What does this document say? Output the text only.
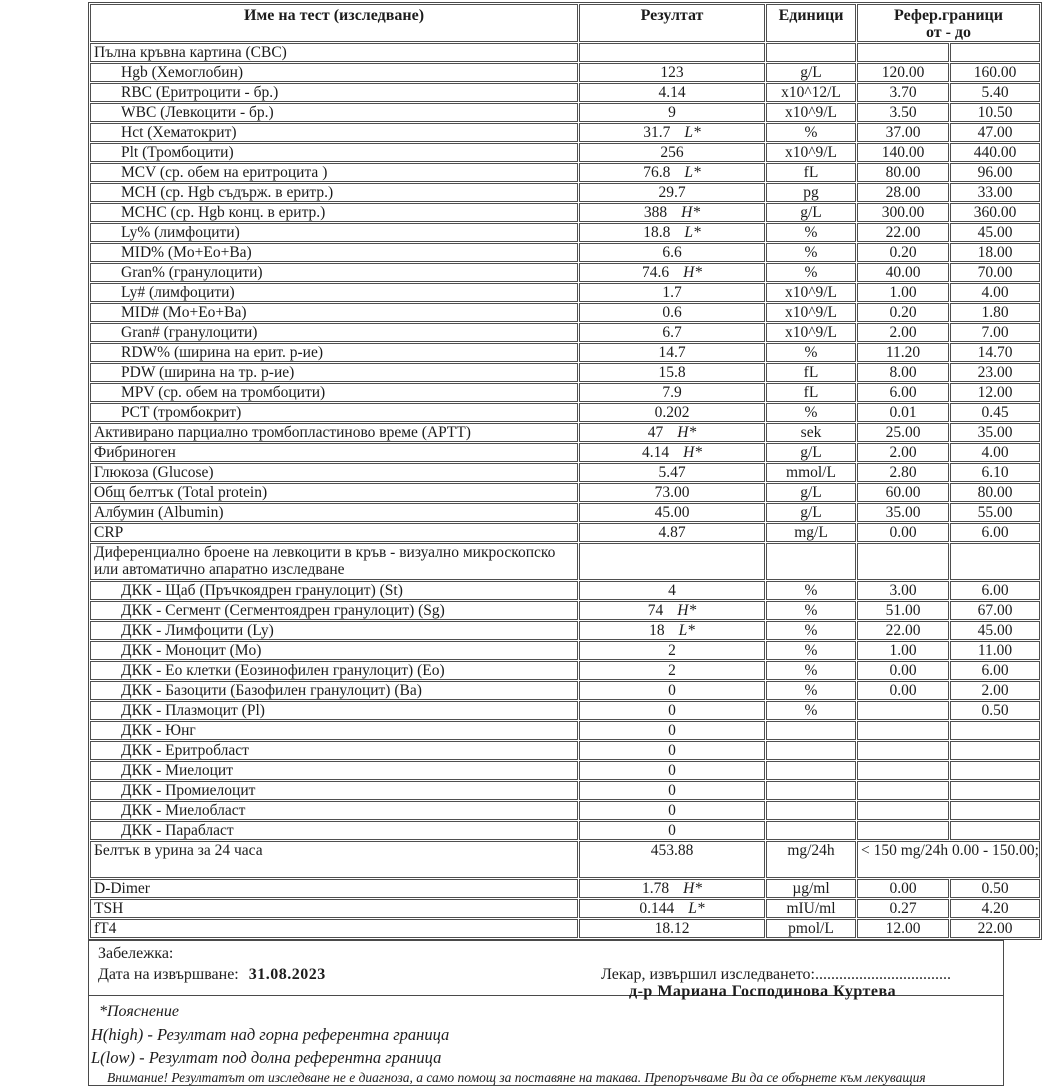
Име на тест (изследване)	Резултат	Единици	Рефер.граници
от - до	

Пълна кръвна картина (CBC)				
Hgb (Хемоглобин)	123	g/L	120.00	160.00
RBC (Еритроцити - бр.)	4.14	x10^12/L	3.70	5.40
WBC (Левкоцити - бр.)	9	x10^9/L	3.50	10.50
Hct (Хематокрит)	31.7 L*	%	37.00	47.00
Plt (Тромбоцити)	256	x10^9/L	140.00	440.00
MCV (ср. обем на еритроцита )	76.8 L*	fL	80.00	96.00
MCH (ср. Hgb съдърж. в еритр.)	29.7	pg	28.00	33.00
MCHC (ср. Hgb конц. в еритр.)	388 H*	g/L	300.00	360.00
Ly% (лимфоцити)	18.8 L*	%	22.00	45.00
MID% (Mo+Eo+Ba)	6.6	%	0.20	18.00
Gran% (гранулоцити)	74.6 H*	%	40.00	70.00
Ly# (лимфоцити)	1.7	x10^9/L	1.00	4.00
MID# (Mo+Eo+Ba)	0.6	x10^9/L	0.20	1.80
Gran# (гранулоцити)	6.7	x10^9/L	2.00	7.00
RDW% (ширина на ерит. р-ие)	14.7	%	11.20	14.70
PDW (ширина на тр. р-ие)	15.8	fL	8.00	23.00
MPV (ср. обем на тромбоцити)	7.9	fL	6.00	12.00
PCT (тромбокрит)	0.202	%	0.01	0.45
Активирано парциално тромбопластиново време (APTT)	47 H*	sek	25.00	35.00
Фибриноген	4.14 H*	g/L	2.00	4.00
Глюкоза (Glucose)	5.47	mmol/L	2.80	6.10
Общ белтък (Total protein)	73.00	g/L	60.00	80.00
Албумин (Albumin)	45.00	g/L	35.00	55.00
CRP	4.87	mg/L	0.00	6.00
Диференциално броене на левкоцити в кръв - визуално микроскопско или автоматично апаратно изследване				
ДКК - Щаб (Пръчкоядрен гранулоцит) (St)	4	%	3.00	6.00
ДКК - Сегмент (Сегментоядрен гранулоцит) (Sg)	74 H*	%	51.00	67.00
ДКК - Лимфоцити (Ly)	18 L*	%	22.00	45.00
ДКК - Моноцит (Mo)	2	%	1.00	11.00
ДКК - Ео клетки (Еозинофилен гранулоцит) (Eo)	2	%	0.00	6.00
ДКК - Базоцити (Базофилен гранулоцит) (Ba)	0	%	0.00	2.00
ДКК - Плазмоцит (Pl)	0	%		0.50
ДКК - Юнг	0			
ДКК - Еритробласт	0			
ДКК - Миелоцит	0			
ДКК - Промиелоцит	0			
ДКК - Миелобласт	0			
ДКК - Парабласт	0			
Белтък в урина за 24 часа	453.88	mg/24h	< 150 mg/24h 0.00 - 150.00;	
D-Dimer	1.78 H*	µg/ml	0.00	0.50
TSH	0.144 L*	mIU/ml	0.27	4.20
fT4	18.12	pmol/L	12.00	22.00
Забележка:
Дата на извършване: 31.08.2023	Лекар, извършил изследването:..................................
д-р Мариана Господинова Куртева
*Пояснение
H(high) - Резултат над горна референтна граница
L(low) - Резултат под долна референтна граница
Внимание! Резултатът от изследване не е диагноза, а само помощ за поставяне на такава. Препоръчваме Ви да се обърнете към лекуващия
